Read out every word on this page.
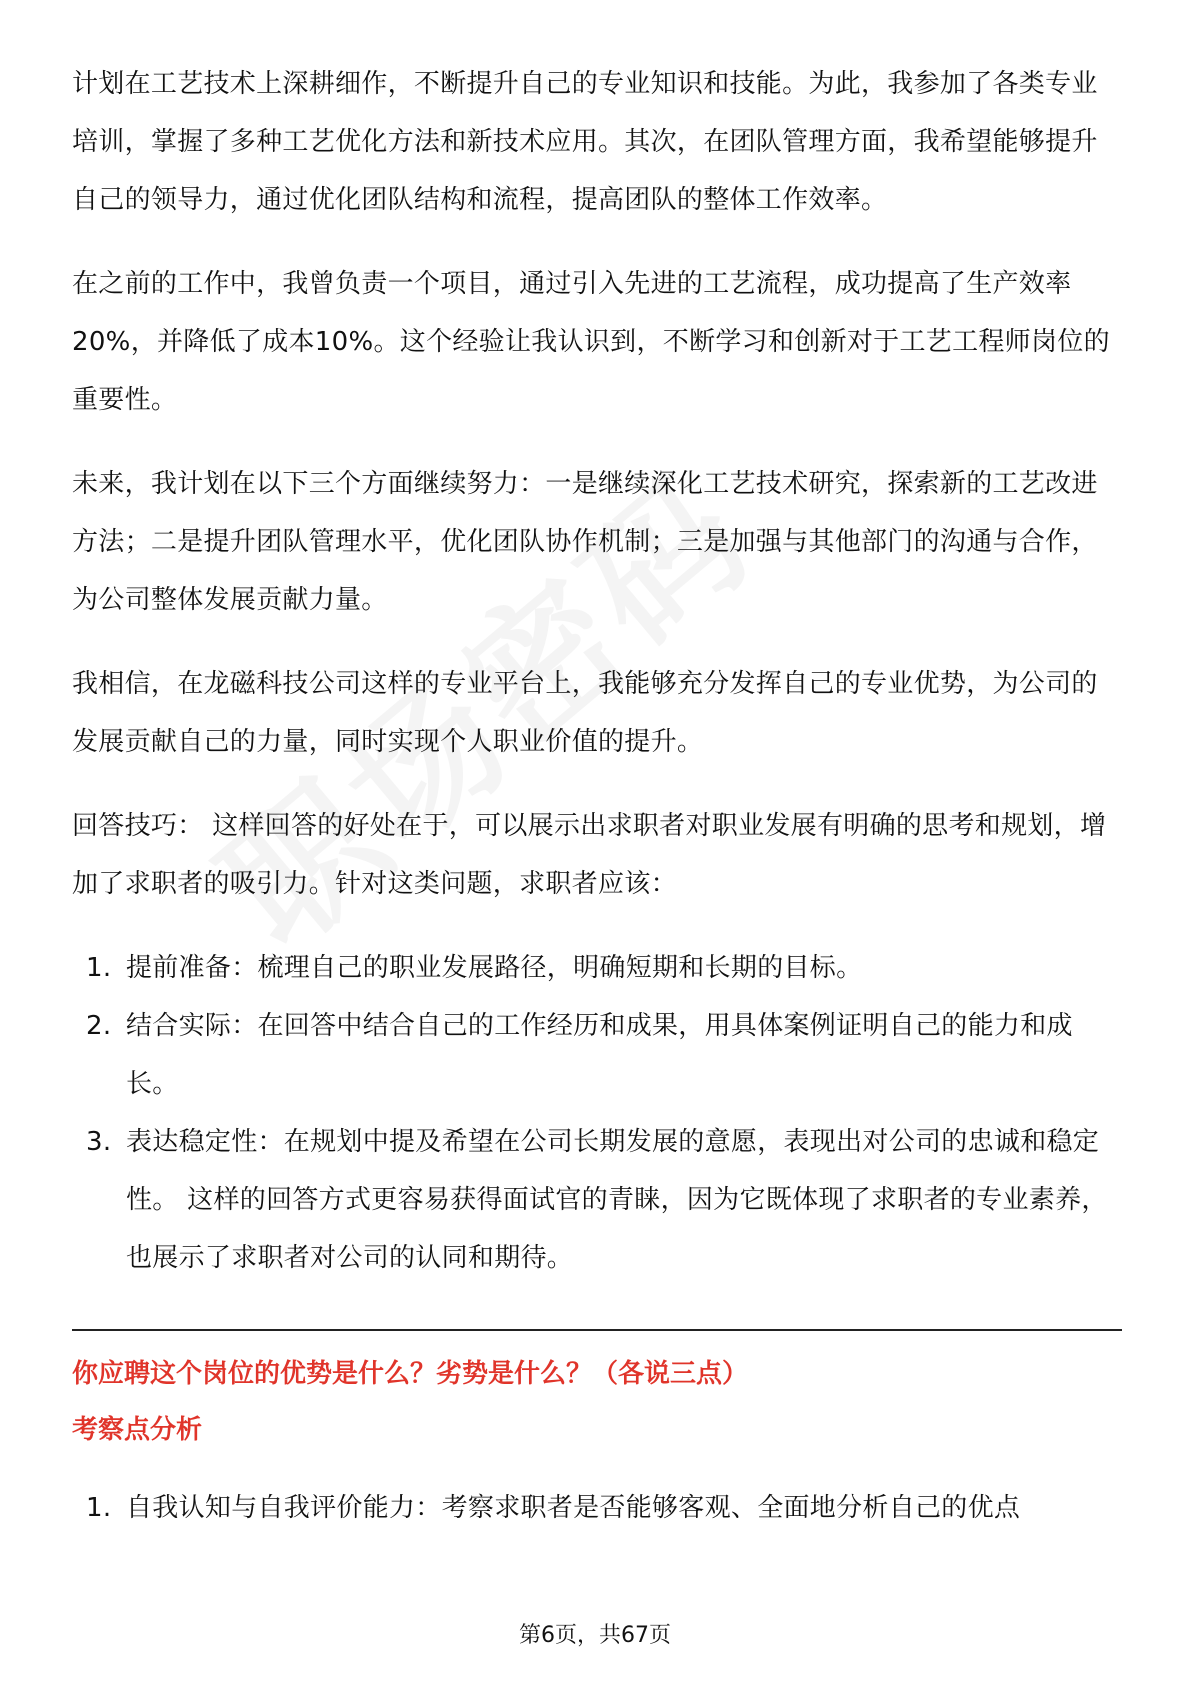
计划在工艺技术上深耕细作，不断提升自己的专业知识和技能。为此，我参加了各类专业培训，掌握了多种工艺优化方法和新技术应用。其次，在团队管理方面，我希望能够提升自己的领导力，通过优化团队结构和流程，提高团队的整体工作效率。

在之前的工作中，我曾负责一个项目，通过引入先进的工艺流程，成功提高了生产效率20%，并降低了成本10%。这个经验让我认识到，不断学习和创新对于工艺工程师岗位的重要性。

未来，我计划在以下三个方面继续努力：一是继续深化工艺技术研究，探索新的工艺改进方法；二是提升团队管理水平，优化团队协作机制；三是加强与其他部门的沟通与合作，为公司整体发展贡献力量。

我相信，在龙磁科技公司这样的专业平台上，我能够充分发挥自己的专业优势，为公司的发展贡献自己的力量，同时实现个人职业价值的提升。

回答技巧： 这样回答的好处在于，可以展示出求职者对职业发展有明确的思考和规划，增加了求职者的吸引力。针对这类问题，求职者应该：

1. 提前准备：梳理自己的职业发展路径，明确短期和长期的目标。
2. 结合实际：在回答中结合自己的工作经历和成果，用具体案例证明自己的能力和成长。
3. 表达稳定性：在规划中提及希望在公司长期发展的意愿，表现出对公司的忠诚和稳定性。 这样的回答方式更容易获得面试官的青睐，因为它既体现了求职者的专业素养，也展示了求职者对公司的认同和期待。

你应聘这个岗位的优势是什么？劣势是什么？（各说三点）

考察点分析

1. 自我认知与自我评价能力：考察求职者是否能够客观、全面地分析自己的优点
第6页，共67页
